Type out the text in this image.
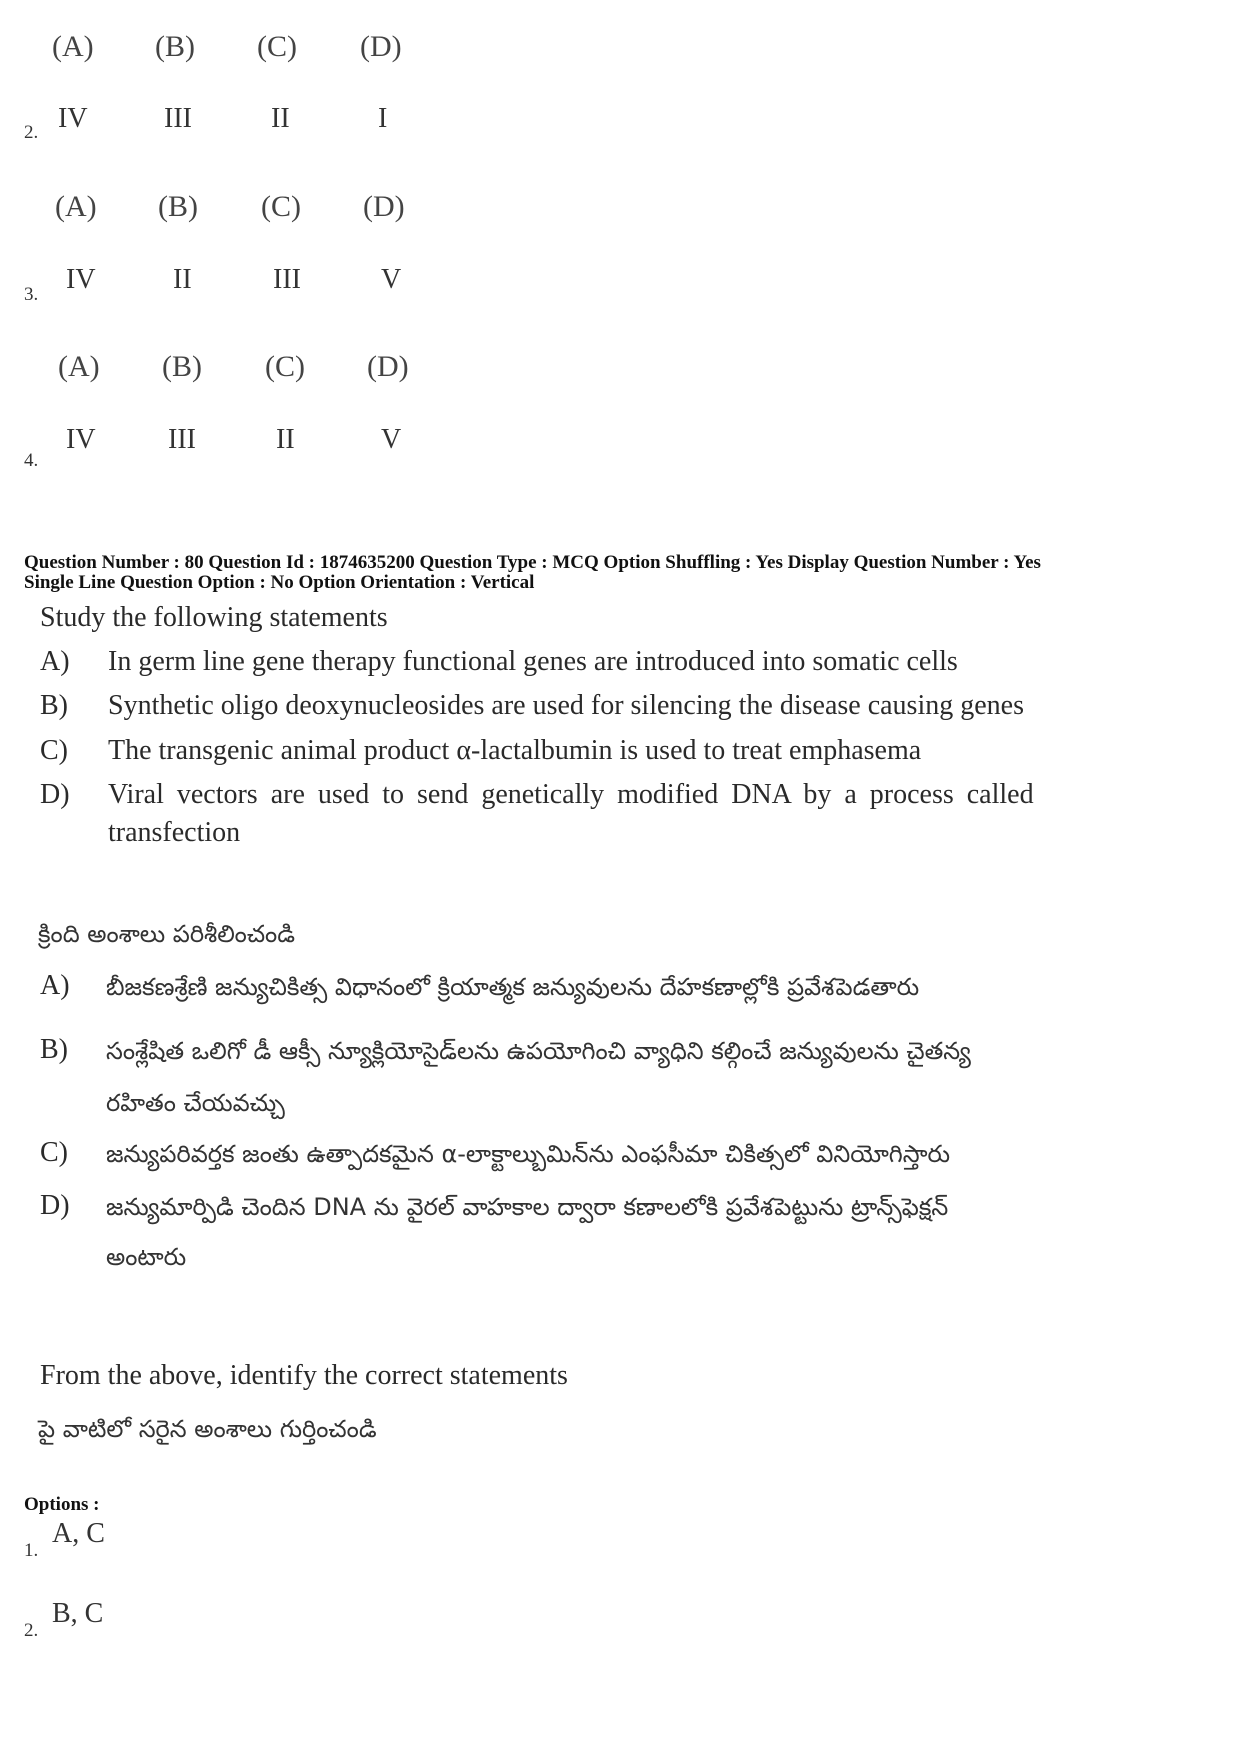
(A) (B) (C) (D)
2. IV	III	II	I
(A) (B) (C) (D)
3. IV	II	III	V
(A) (B) (C) (D)
4.
IV	III	II	V
Question Number : 80 Question Id : 1874635200 Question Type : MCQ Option Shuffling : Yes Display Question Number : Yes
Single Line Question Option : No Option Orientation : Vertical
Study the following statements
A) In germ line gene therapy functional genes are introduced into somatic cells
B) Synthetic oligo deoxynucleosides are used for silencing the disease causing genes
C) The transgenic animal product α-lactalbumin is used to treat emphasema
D) Viral vectors are used to send genetically modified DNA by a process called
transfection
క్రింది అంశాలు పరిశీలించండి
A) బీజకణశ్రేణి జన్యుచికిత్స విధానంలో క్రియాత్మక జన్యువులను దేహకణాల్లోకి ప్రవేశపెడతారు
B) సంశ్లేషిత ఒలిగో డీ ఆక్సీ న్యూక్లియోసైడ్‌లను ఉపయోగించి వ్యాధిని కల్గించే జన్యువులను చైతన్య
రహితం చేయవచ్చు
C) జన్యుపరివర్తక జంతు ఉత్పాదకమైన α-లాక్టాల్బుమిన్‌ను ఎంఫసీమా చికిత్సలో వినియోగిస్తారు
D) జన్యుమార్పిడి చెందిన DNA ను వైరల్ వాహకాల ద్వారా కణాలలోకి ప్రవేశపెట్టును ట్రాన్స్‌ఫెక్షన్
అంటారు
From the above, identify the correct statements
పై వాటిలో సరైన అంశాలు గుర్తించండి
Options :
1.
A, C
2.
B, C
